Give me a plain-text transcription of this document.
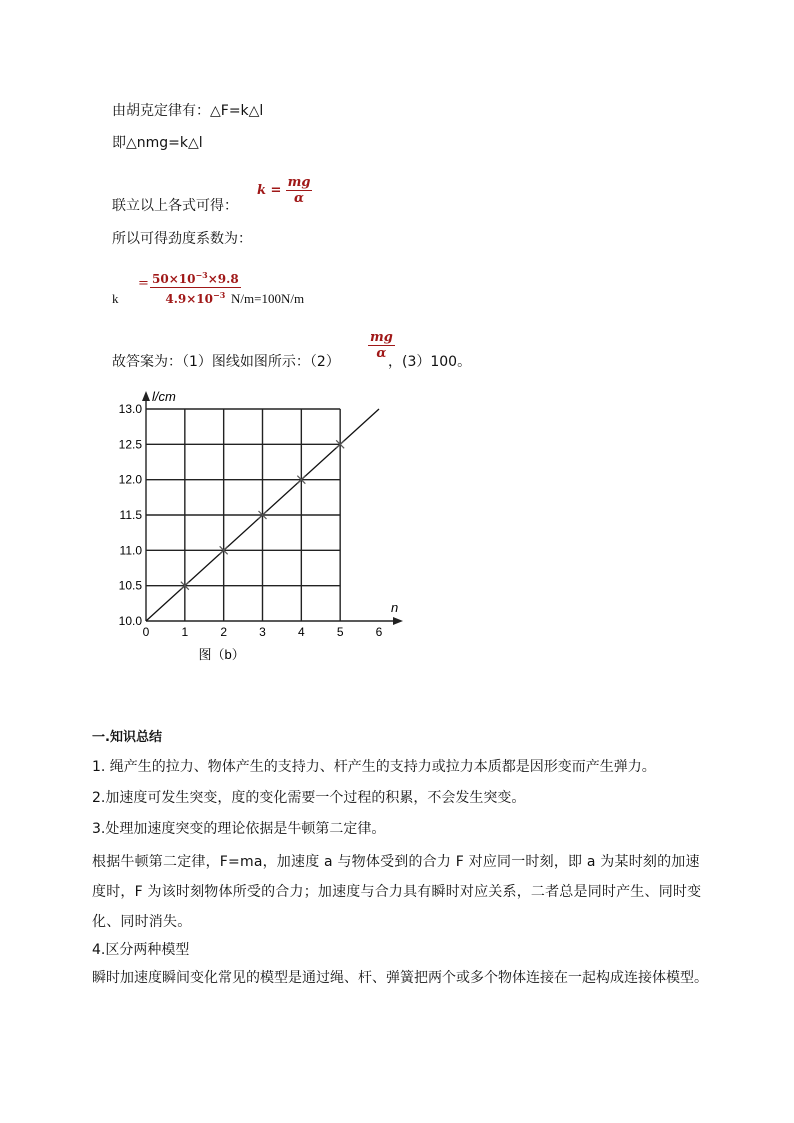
由胡克定律有：△F=k△l
即△nmg=k△l
$k = \frac{mg}{\alpha}$
联立以上各式可得：
所以可得劲度系数为：
k
= $\frac{50\times 10^{-3}\times 9.8}{4.9\times 10^{-3}}$
N/m=100N/m
故答案为：（1）图线如图所示：（2）
$\frac{mg}{\alpha}$
，(3）100。
0	1	2	3	4	5	6
10.0
10.5
11.0
11.5
12.0
12.5
13.0
l/cm
n
图（b）
一.知识总结
1. 绳产生的拉力、物体产生的支持力、杆产生的支持力或拉力本质都是因形变而产生弹力。
2.加速度可发生突变，度的变化需要一个过程的积累，不会发生突变。
3.处理加速度突变的理论依据是牛顿第二定律。
根据牛顿第二定律，F=ma，加速度 a 与物体受到的合力 F 对应同一时刻，即 a 为某时刻的加速度时，F 为该时刻物体所受的合力；加速度与合力具有瞬时对应关系，二者总是同时产生、同时变化、同时消失。
4.区分两种模型
瞬时加速度瞬间变化常见的模型是通过绳、杆、弹簧把两个或多个物体连接在一起构成连接体模型。
